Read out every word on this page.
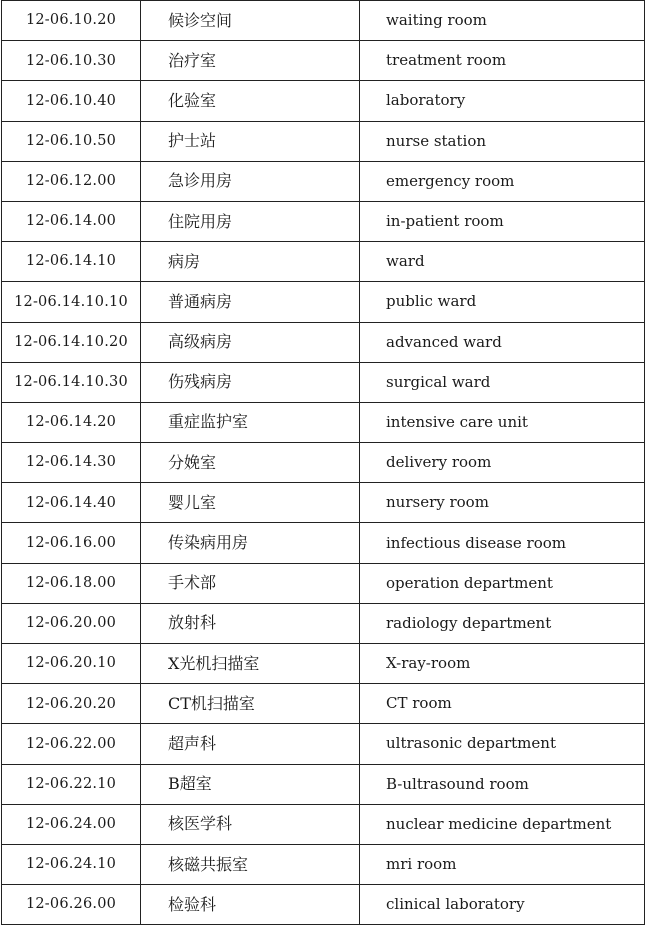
12-06.10.20	候诊空间	waiting room
12-06.10.30	治疗室	treatment room
12-06.10.40	化验室	laboratory
12-06.10.50	护士站	nurse station
12-06.12.00	急诊用房	emergency room
12-06.14.00	住院用房	in-patient room
12-06.14.10	病房	ward
12-06.14.10.10	普通病房	public ward
12-06.14.10.20	高级病房	advanced ward
12-06.14.10.30	伤残病房	surgical ward
12-06.14.20	重症监护室	intensive care unit
12-06.14.30	分娩室	delivery room
12-06.14.40	婴儿室	nursery room
12-06.16.00	传染病用房	infectious disease room
12-06.18.00	手术部	operation department
12-06.20.00	放射科	radiology department
12-06.20.10	X光机扫描室	X-ray-room
12-06.20.20	CT机扫描室	CT room
12-06.22.00	超声科	ultrasonic department
12-06.22.10	B超室	B-ultrasound room
12-06.24.00	核医学科	nuclear medicine department
12-06.24.10	核磁共振室	mri room
12-06.26.00	检验科	clinical laboratory
